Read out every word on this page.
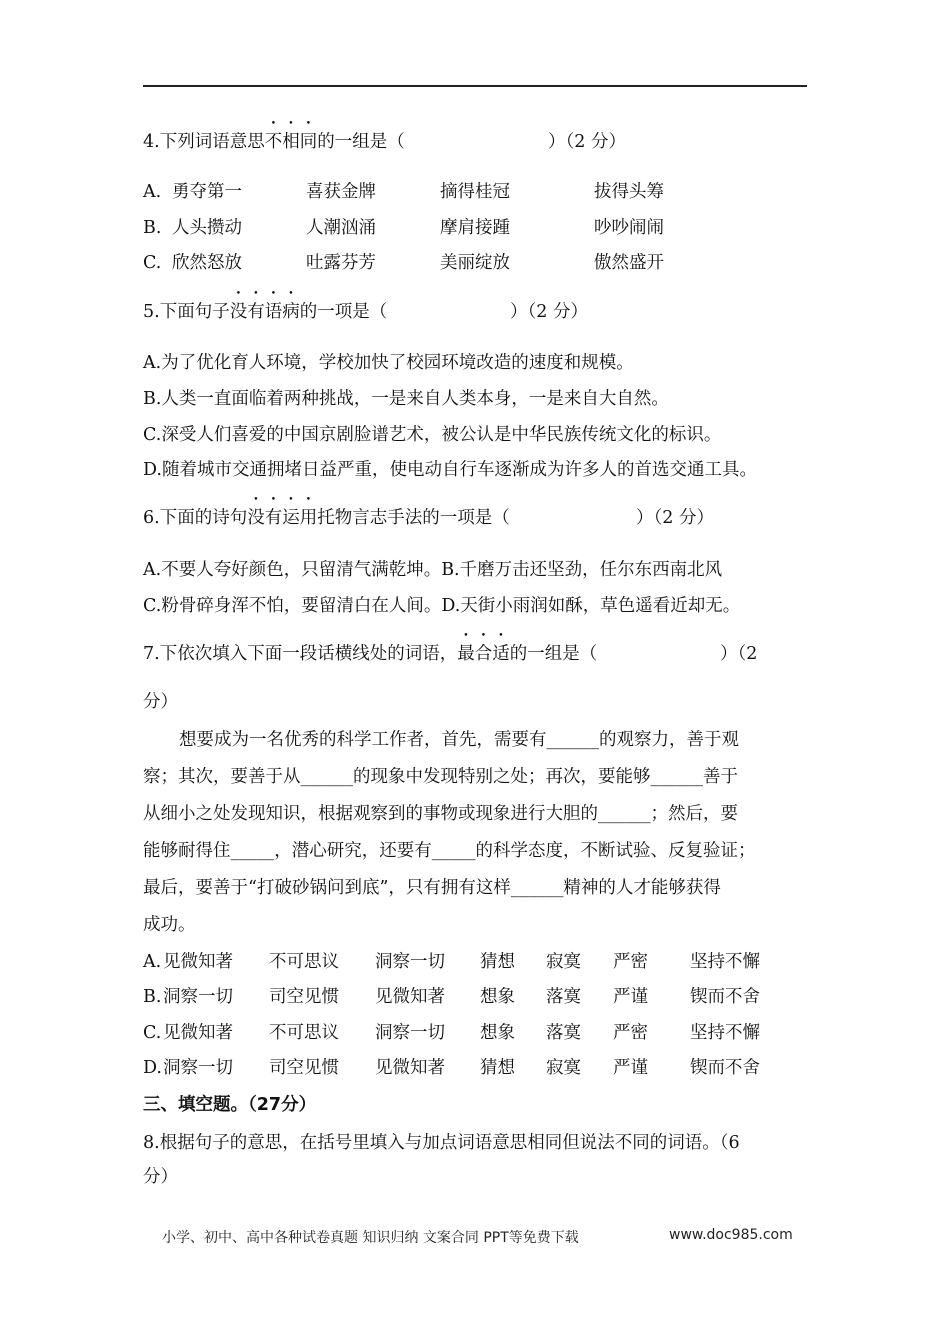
4.下列词语意思不相同的一组是（	）（2 分）
A. 勇夺第一	喜获金牌	摘得桂冠	拔得头筹
B. 人头攒动	人潮汹涌	摩肩接踵	吵吵闹闹
C. 欣然怒放	吐露芬芳	美丽绽放	傲然盛开
5.下面句子没有语病的一项是（	）（2 分）
A.为了优化育人环境，学校加快了校园环境改造的速度和规模。
B.人类一直面临着两种挑战，一是来自人类本身，一是来自大自然。
C.深受人们喜爱的中国京剧脸谱艺术，被公认是中华民族传统文化的标识。
D.随着城市交通拥堵日益严重，使电动自行车逐渐成为许多人的首选交通工具。
6.下面的诗句没有运用托物言志手法的一项是（	）（2 分）
A.不要人夸好颜色，只留清气满乾坤。B.千磨万击还坚劲，任尔东西南北风
C.粉骨碎身浑不怕，要留清白在人间。D.天街小雨润如酥，草色遥看近却无。
7.下依次填入下面一段话横线处的词语，最合适的一组是（	）（2
分）
想要成为一名优秀的科学工作者，首先，需要有______的观察力，善于观
察；其次，要善于从______的现象中发现特别之处；再次，要能够______善于
从细小之处发现知识，根据观察到的事物或现象进行大胆的______；然后，要
能够耐得住_____，潜心研究，还要有_____的科学态度，不断试验、反复验证；
最后，要善于“打破砂锅问到底”，只有拥有这样______精神的人才能够获得
成功。
A. 见微知著 不可思议 洞察一切 猜想 寂寞 严密 坚持不懈
B. 洞察一切 司空见惯 见微知著 想象 落寞 严谨 锲而不舍
C. 见微知著 不可思议 洞察一切 想象 落寞 严密 坚持不懈
D. 洞察一切 司空见惯 见微知著 猜想 寂寞 严谨 锲而不舍
三、填空题。（27分）
8.根据句子的意思，在括号里填入与加点词语意思相同但说法不同的词语。（6
分）
小学、初中、高中各种试卷真题 知识归纳 文案合同 PPT等免费下载	www.doc985.com
